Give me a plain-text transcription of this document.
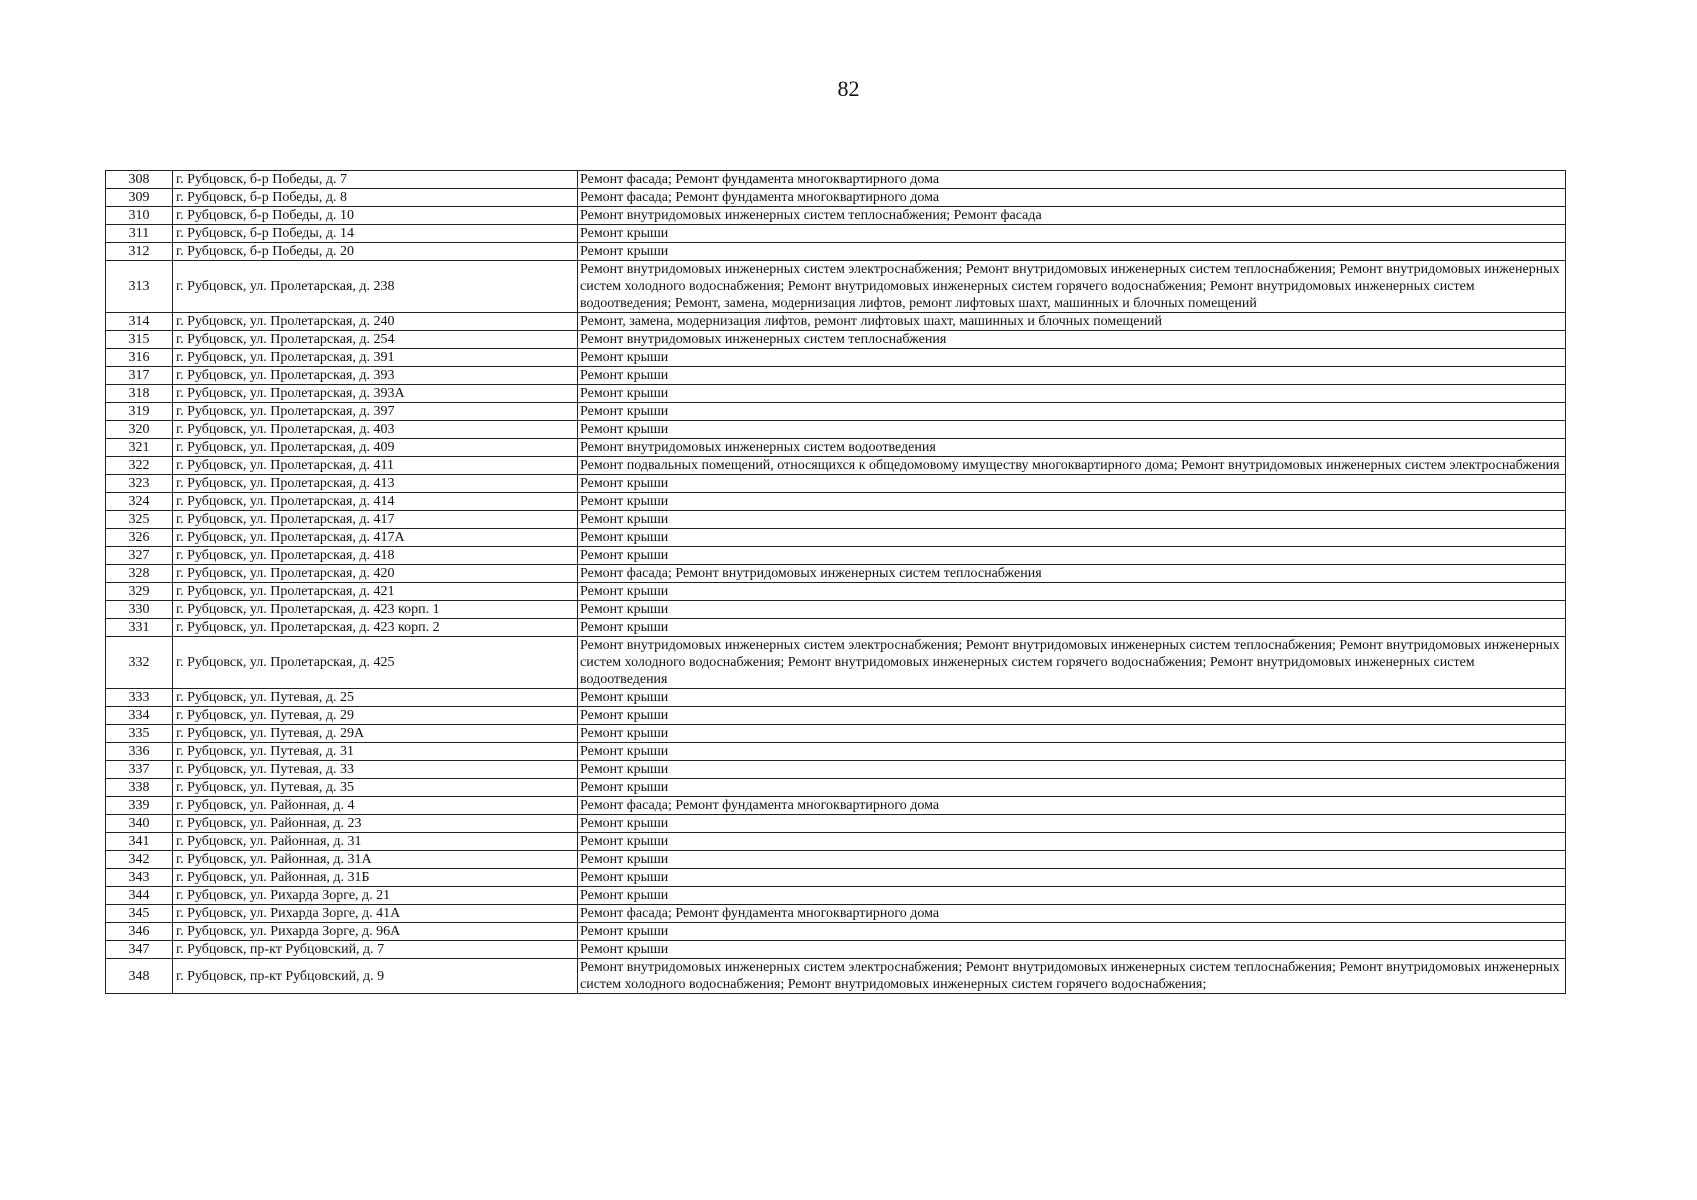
82
308	г. Рубцовск, б-р Победы, д. 7	Ремонт фасада; Ремонт фундамента многоквартирного дома
309	г. Рубцовск, б-р Победы, д. 8	Ремонт фасада; Ремонт фундамента многоквартирного дома
310	г. Рубцовск, б-р Победы, д. 10	Ремонт внутридомовых инженерных систем теплоснабжения; Ремонт фасада
311	г. Рубцовск, б-р Победы, д. 14	Ремонт крыши
312	г. Рубцовск, б-р Победы, д. 20	Ремонт крыши
313	г. Рубцовск, ул. Пролетарская, д. 238	Ремонт внутридомовых инженерных систем электроснабжения; Ремонт внутридомовых инженерных систем теплоснабжения; Ремонт внутридомовых инженерных систем холодного водоснабжения; Ремонт внутридомовых инженерных систем горячего водоснабжения; Ремонт внутридомовых инженерных систем водоотведения; Ремонт, замена, модернизация лифтов, ремонт лифтовых шахт, машинных и блочных помещений
314	г. Рубцовск, ул. Пролетарская, д. 240	Ремонт, замена, модернизация лифтов, ремонт лифтовых шахт, машинных и блочных помещений
315	г. Рубцовск, ул. Пролетарская, д. 254	Ремонт внутридомовых инженерных систем теплоснабжения
316	г. Рубцовск, ул. Пролетарская, д. 391	Ремонт крыши
317	г. Рубцовск, ул. Пролетарская, д. 393	Ремонт крыши
318	г. Рубцовск, ул. Пролетарская, д. 393А	Ремонт крыши
319	г. Рубцовск, ул. Пролетарская, д. 397	Ремонт крыши
320	г. Рубцовск, ул. Пролетарская, д. 403	Ремонт крыши
321	г. Рубцовск, ул. Пролетарская, д. 409	Ремонт внутридомовых инженерных систем водоотведения
322	г. Рубцовск, ул. Пролетарская, д. 411	Ремонт подвальных помещений, относящихся к общедомовому имуществу многоквартирного дома; Ремонт внутридомовых инженерных систем электроснабжения
323	г. Рубцовск, ул. Пролетарская, д. 413	Ремонт крыши
324	г. Рубцовск, ул. Пролетарская, д. 414	Ремонт крыши
325	г. Рубцовск, ул. Пролетарская, д. 417	Ремонт крыши
326	г. Рубцовск, ул. Пролетарская, д. 417А	Ремонт крыши
327	г. Рубцовск, ул. Пролетарская, д. 418	Ремонт крыши
328	г. Рубцовск, ул. Пролетарская, д. 420	Ремонт фасада; Ремонт внутридомовых инженерных систем теплоснабжения
329	г. Рубцовск, ул. Пролетарская, д. 421	Ремонт крыши
330	г. Рубцовск, ул. Пролетарская, д. 423 корп. 1	Ремонт крыши
331	г. Рубцовск, ул. Пролетарская, д. 423 корп. 2	Ремонт крыши
332	г. Рубцовск, ул. Пролетарская, д. 425	Ремонт внутридомовых инженерных систем электроснабжения; Ремонт внутридомовых инженерных систем теплоснабжения; Ремонт внутридомовых инженерных систем холодного водоснабжения; Ремонт внутридомовых инженерных систем горячего водоснабжения; Ремонт внутридомовых инженерных систем водоотведения
333	г. Рубцовск, ул. Путевая, д. 25	Ремонт крыши
334	г. Рубцовск, ул. Путевая, д. 29	Ремонт крыши
335	г. Рубцовск, ул. Путевая, д. 29А	Ремонт крыши
336	г. Рубцовск, ул. Путевая, д. 31	Ремонт крыши
337	г. Рубцовск, ул. Путевая, д. 33	Ремонт крыши
338	г. Рубцовск, ул. Путевая, д. 35	Ремонт крыши
339	г. Рубцовск, ул. Районная, д. 4	Ремонт фасада; Ремонт фундамента многоквартирного дома
340	г. Рубцовск, ул. Районная, д. 23	Ремонт крыши
341	г. Рубцовск, ул. Районная, д. 31	Ремонт крыши
342	г. Рубцовск, ул. Районная, д. 31А	Ремонт крыши
343	г. Рубцовск, ул. Районная, д. 31Б	Ремонт крыши
344	г. Рубцовск, ул. Рихарда Зорге, д. 21	Ремонт крыши
345	г. Рубцовск, ул. Рихарда Зорге, д. 41А	Ремонт фасада; Ремонт фундамента многоквартирного дома
346	г. Рубцовск, ул. Рихарда Зорге, д. 96А	Ремонт крыши
347	г. Рубцовск, пр-кт Рубцовский, д. 7	Ремонт крыши
348	г. Рубцовск, пр-кт Рубцовский, д. 9	Ремонт внутридомовых инженерных систем электроснабжения; Ремонт внутридомовых инженерных систем теплоснабжения; Ремонт внутридомовых инженерных систем холодного водоснабжения; Ремонт внутридомовых инженерных систем горячего водоснабжения;
